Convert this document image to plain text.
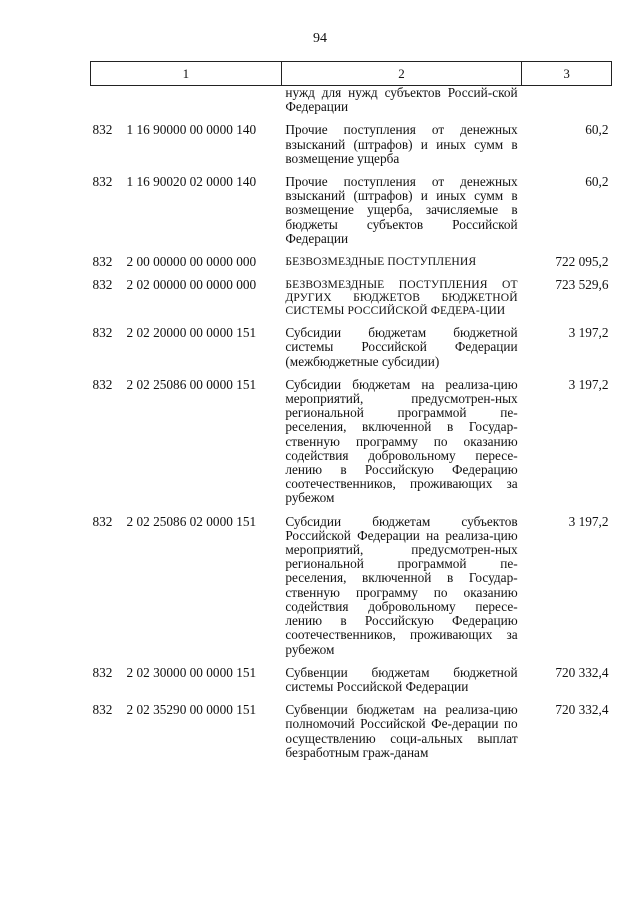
94
1	2	3
	нужд для нужд субъектов Россий-ской Федерации	

832 1 16 90000 00 0000 140	Прочие поступления от денежных взысканий (штрафов) и иных сумм в возмещение ущерба	60,2

832 1 16 90020 02 0000 140	Прочие поступления от денежных взысканий (штрафов) и иных сумм в возмещение ущерба, зачисляемые в бюджеты субъектов Российской Федерации	60,2

832 2 00 00000 00 0000 000	БЕЗВОЗМЕЗДНЫЕ ПОСТУПЛЕНИЯ	722 095,2

832 2 02 00000 00 0000 000	БЕЗВОЗМЕЗДНЫЕ ПОСТУПЛЕНИЯ ОТ ДРУГИХ БЮДЖЕТОВ БЮДЖЕТНОЙ СИСТЕМЫ РОССИЙСКОЙ ФЕДЕРА-ЦИИ	723 529,6

832 2 02 20000 00 0000 151	Субсидии бюджетам бюджетной системы Российской Федерации (межбюджетные субсидии)	3 197,2

832 2 02 25086 00 0000 151	Субсидии бюджетам на реализа-цию мероприятий, предусмотрен-ных региональной программой пе-реселения, включенной в Государ-ственную программу по оказанию содействия добровольному пересе-лению в Российскую Федерацию соотечественников, проживающих за рубежом	3 197,2

832 2 02 25086 02 0000 151	Субсидии бюджетам субъектов Российской Федерации на реализа-цию мероприятий, предусмотрен-ных региональной программой пе-реселения, включенной в Государ-ственную программу по оказанию содействия добровольному пересе-лению в Российскую Федерацию соотечественников, проживающих за рубежом	3 197,2

832 2 02 30000 00 0000 151	Субвенции бюджетам бюджетной системы Российской Федерации	720 332,4

832 2 02 35290 00 0000 151	Субвенции бюджетам на реализа-цию полномочий Российской Фе-дерации по осуществлению соци-альных выплат безработным граж-данам	720 332,4
